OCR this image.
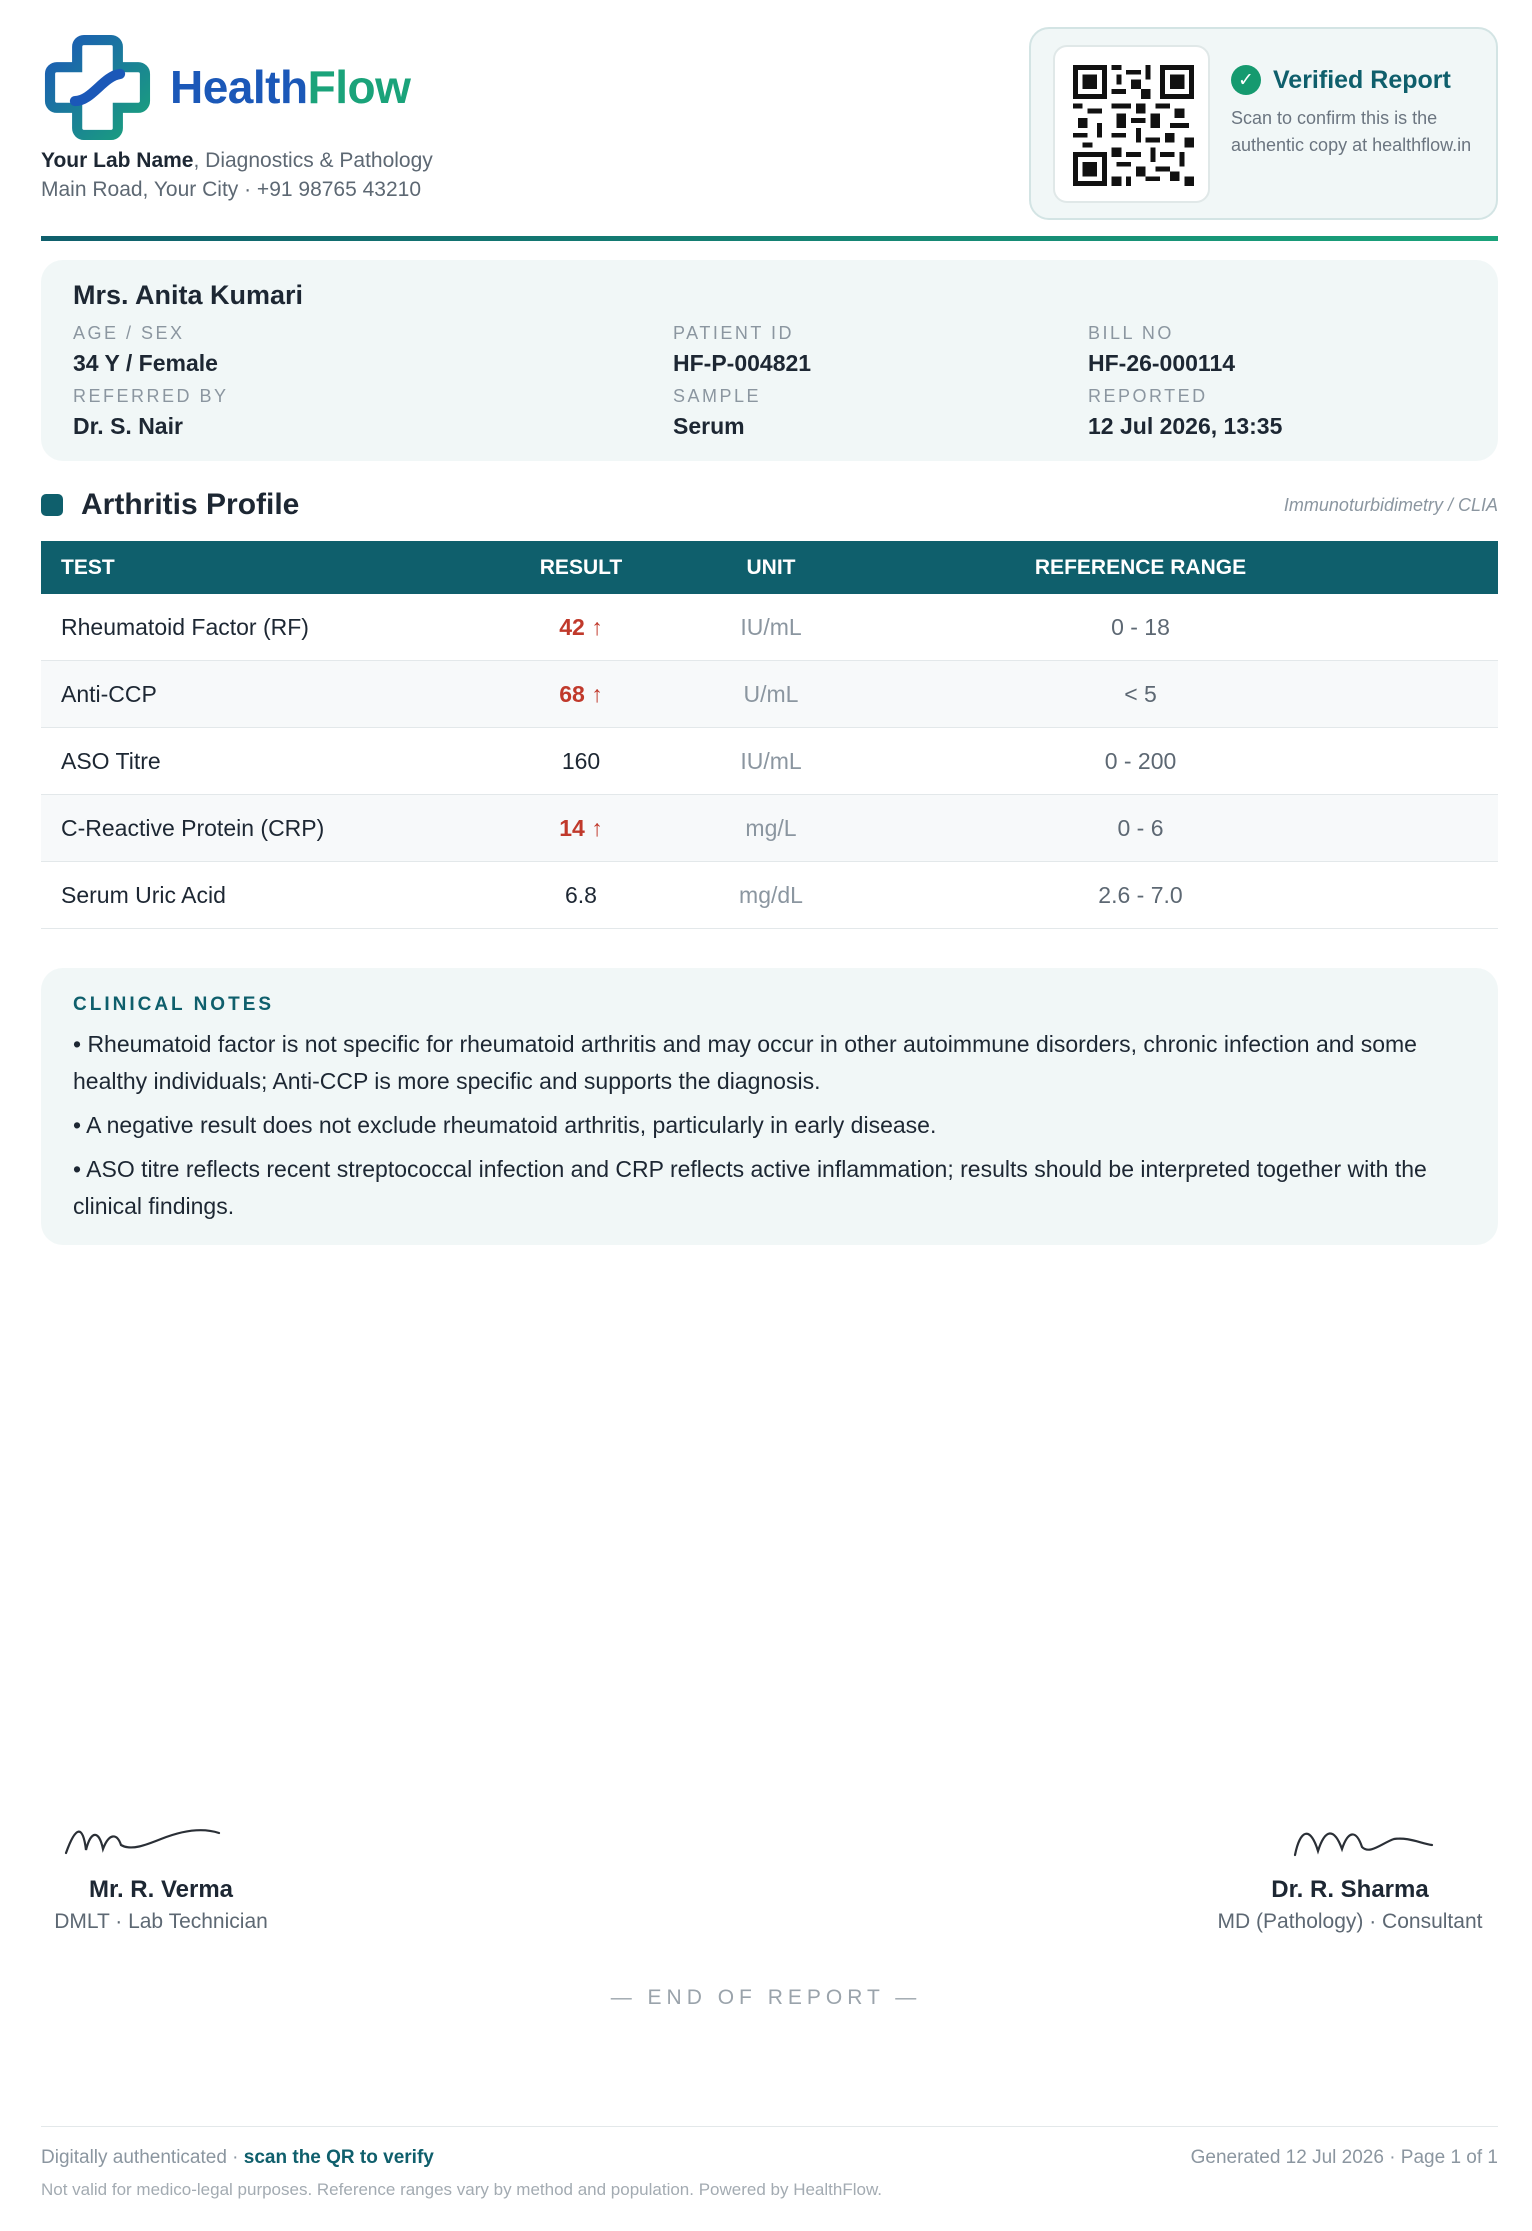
HealthFlow
Your Lab Name, Diagnostics & Pathology
Main Road, Your City · +91 98765 43210
✓ Verified Report
Scan to confirm this is the authentic copy at healthflow.in
Mrs. Anita Kumari
AGE / SEX
34 Y / Female
PATIENT ID
HF-P-004821
BILL NO
HF-26-000114
REFERRED BY
Dr. S. Nair
SAMPLE
Serum
REPORTED
12 Jul 2026, 13:35
Arthritis Profile	Immunoturbidimetry / CLIA
TEST	RESULT	UNIT	REFERENCE RANGE
Rheumatoid Factor (RF)	42 ↑	IU/mL	0 - 18
Anti-CCP	68 ↑	U/mL	< 5
ASO Titre	160	IU/mL	0 - 200
C-Reactive Protein (CRP)	14 ↑	mg/L	0 - 6
Serum Uric Acid	6.8	mg/dL	2.6 - 7.0
CLINICAL NOTES

• Rheumatoid factor is not specific for rheumatoid arthritis and may occur in other autoimmune disorders, chronic infection and some healthy individuals; Anti-CCP is more specific and supports the diagnosis.

• A negative result does not exclude rheumatoid arthritis, particularly in early disease.

• ASO titre reflects recent streptococcal infection and CRP reflects active inflammation; results should be interpreted together with the clinical findings.

Mr. R. Verma
DMLT · Lab Technician
Dr. R. Sharma
MD (Pathology) · Consultant
— END OF REPORT —
Digitally authenticated · scan the QR to verify	Generated 12 Jul 2026 · Page 1 of 1
Not valid for medico-legal purposes. Reference ranges vary by method and population. Powered by HealthFlow.
